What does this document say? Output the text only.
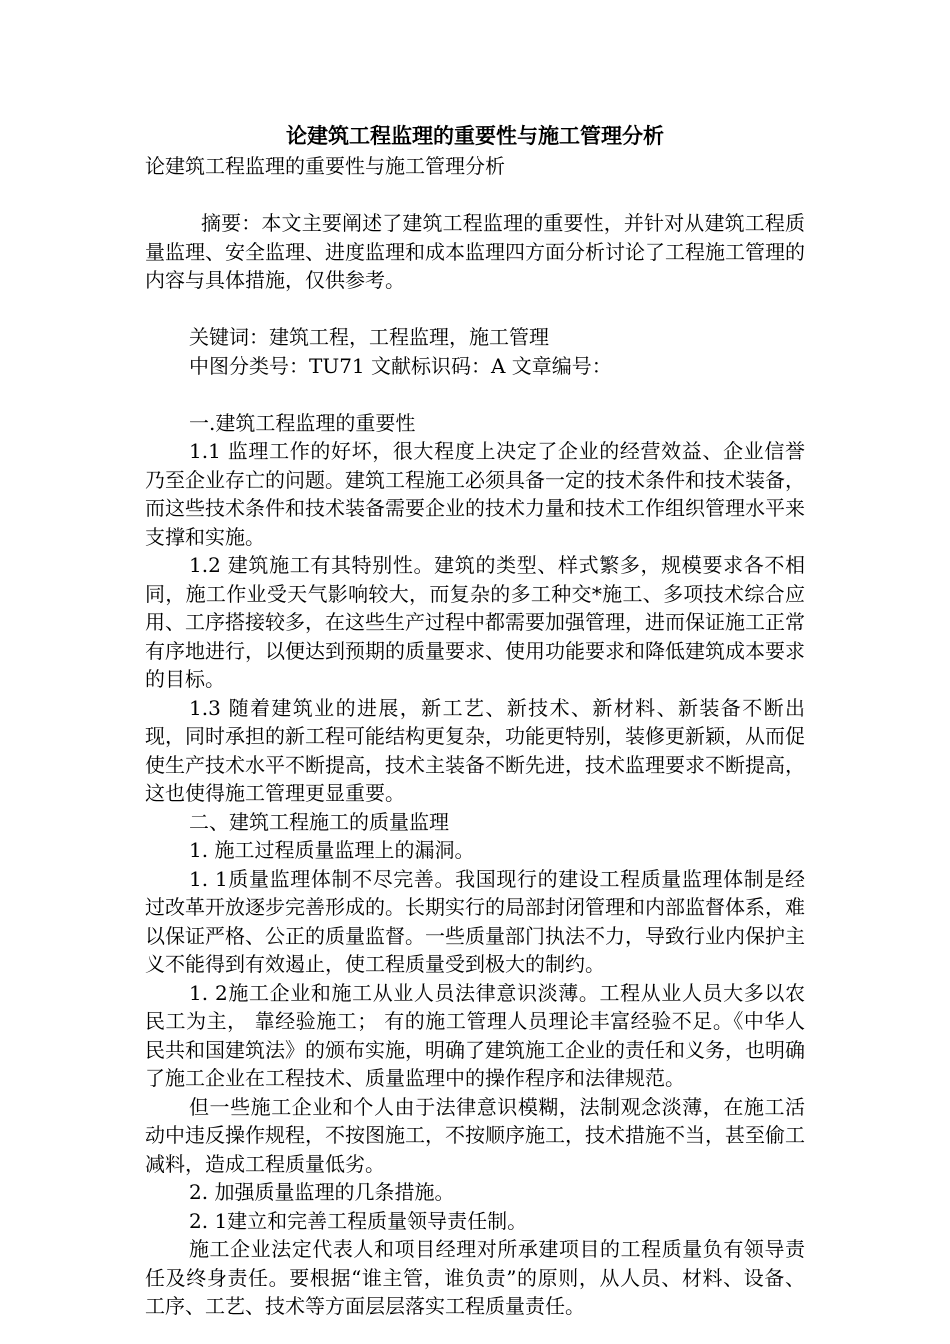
论建筑工程监理的重要性与施工管理分析

论建筑工程监理的重要性与施工管理分析

摘要：本文主要阐述了建筑工程监理的重要性，并针对从建筑工程质量监理、安全监理、进度监理和成本监理四方面分析讨论了工程施工管理的内容与具体措施，仅供参考。

关键词：建筑工程，工程监理，施工管理

中图分类号：TU71 文献标识码：A 文章编号：

一.建筑工程监理的重要性

1.1 监理工作的好坏，很大程度上决定了企业的经营效益、企业信誉乃至企业存亡的问题。建筑工程施工必须具备一定的技术条件和技术装备，而这些技术条件和技术装备需要企业的技术力量和技术工作组织管理水平来支撑和实施。

1.2 建筑施工有其特别性。建筑的类型、样式繁多，规模要求各不相同，施工作业受天气影响较大，而复杂的多工种交*施工、多项技术综合应用、工序搭接较多，在这些生产过程中都需要加强管理，进而保证施工正常有序地进行，以便达到预期的质量要求、使用功能要求和降低建筑成本要求的目标。

1.3 随着建筑业的进展，新工艺、新技术、新材料、新装备不断出现，同时承担的新工程可能结构更复杂，功能更特别，装修更新颖，从而促使生产技术水平不断提高，技术主装备不断先进，技术监理要求不断提高，这也使得施工管理更显重要。

二、建筑工程施工的质量监理

1. 施工过程质量监理上的漏洞。

1. 1质量监理体制不尽完善。我国现行的建设工程质量监理体制是经过改革开放逐步完善形成的。长期实行的局部封闭管理和内部监督体系，难以保证严格、公正的质量监督。一些质量部门执法不力，导致行业内保护主义不能得到有效遏止，使工程质量受到极大的制约。

1. 2施工企业和施工从业人员法律意识淡薄。工程从业人员大多以农民工为主， 靠经验施工； 有的施工管理人员理论丰富经验不足。《中华人民共和国建筑法》的颁布实施，明确了建筑施工企业的责任和义务，也明确了施工企业在工程技术、质量监理中的操作程序和法律规范。

但一些施工企业和个人由于法律意识模糊，法制观念淡薄，在施工活动中违反操作规程，不按图施工，不按顺序施工，技术措施不当，甚至偷工减料，造成工程质量低劣。

2. 加强质量监理的几条措施。

2. 1建立和完善工程质量领导责任制。

施工企业法定代表人和项目经理对所承建项目的工程质量负有领导责任及终身责任。要根据“谁主管，谁负责”的原则，从人员、材料、设备、工序、工艺、技术等方面层层落实工程质量责任。
